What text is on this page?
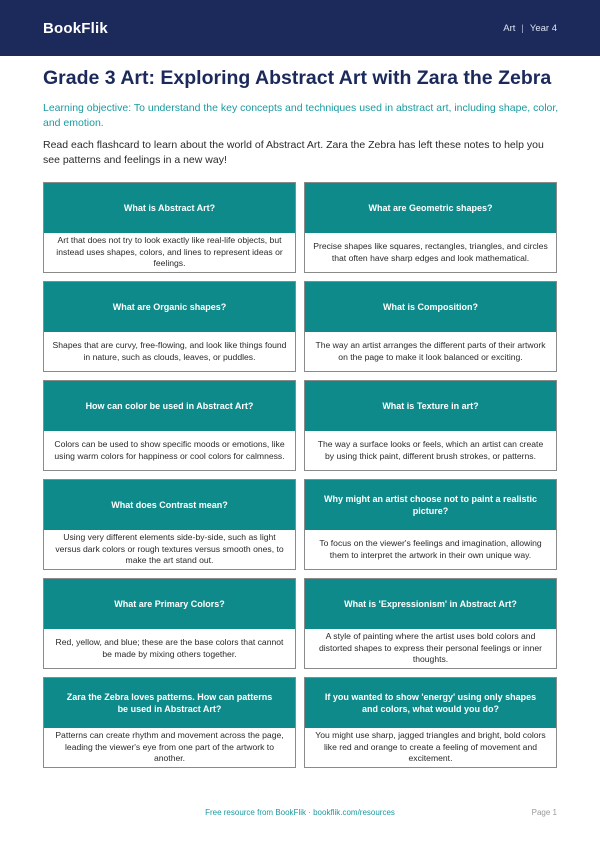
BookFlik	Art | Year 4
Grade 3 Art: Exploring Abstract Art with Zara the Zebra

Learning objective: To understand the key concepts and techniques used in abstract art, including shape, color, and emotion.

Read each flashcard to learn about the world of Abstract Art. Zara the Zebra has left these notes to help you see patterns and feelings in a new way!

What is Abstract Art?
Art that does not try to look exactly like real-life objects, but instead uses shapes, colors, and lines to represent ideas or feelings.
What are Geometric shapes?
Precise shapes like squares, rectangles, triangles, and circles that often have sharp edges and look mathematical.
What are Organic shapes?
Shapes that are curvy, free-flowing, and look like things found in nature, such as clouds, leaves, or puddles.
What is Composition?
The way an artist arranges the different parts of their artwork on the page to make it look balanced or exciting.
How can color be used in Abstract Art?
Colors can be used to show specific moods or emotions, like using warm colors for happiness or cool colors for calmness.
What is Texture in art?
The way a surface looks or feels, which an artist can create by using thick paint, different brush strokes, or patterns.
What does Contrast mean?
Using very different elements side-by-side, such as light versus dark colors or rough textures versus smooth ones, to make the art stand out.
Why might an artist choose not to paint a realistic picture?
To focus on the viewer's feelings and imagination, allowing them to interpret the artwork in their own unique way.
What are Primary Colors?
Red, yellow, and blue; these are the base colors that cannot be made by mixing others together.
What is 'Expressionism' in Abstract Art?
A style of painting where the artist uses bold colors and distorted shapes to express their personal feelings or inner thoughts.
Zara the Zebra loves patterns. How can patterns be used in Abstract Art?
Patterns can create rhythm and movement across the page, leading the viewer's eye from one part of the artwork to another.
If you wanted to show 'energy' using only shapes and colors, what would you do?
You might use sharp, jagged triangles and bright, bold colors like red and orange to create a feeling of movement and excitement.
Free resource from BookFlik · bookflik.com/resources	Page 1
